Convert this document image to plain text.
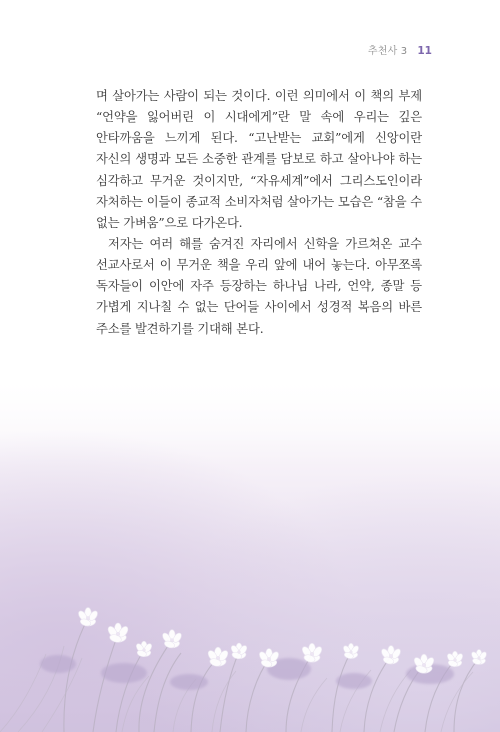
추천사 3 11

며 살아가는 사람이 되는 것이다. 이런 의미에서 이 책의 부제 “언약을 잃어버린 이 시대에게”란 말 속에 우리는 깊은 안타까움을 느끼게 된다. “고난받는 교회”에게 신앙이란 자신의 생명과 모든 소중한 관계를 담보로 하고 살아나야 하는 심각하고 무거운 것이지만, “자유세계”에서 그리스도인이라 자처하는 이들이 종교적 소비자처럼 살아가는 모습은 “참을 수 없는 가벼움”으로 다가온다.

저자는 여러 해를 숨겨진 자리에서 신학을 가르쳐온 교수 선교사로서 이 무거운 책을 우리 앞에 내어 놓는다. 아무쪼록 독자들이 이안에 자주 등장하는 하나님 나라, 언약, 종말 등 가볍게 지나칠 수 없는 단어들 사이에서 성경적 복음의 바른 주소를 발견하기를 기대해 본다.
